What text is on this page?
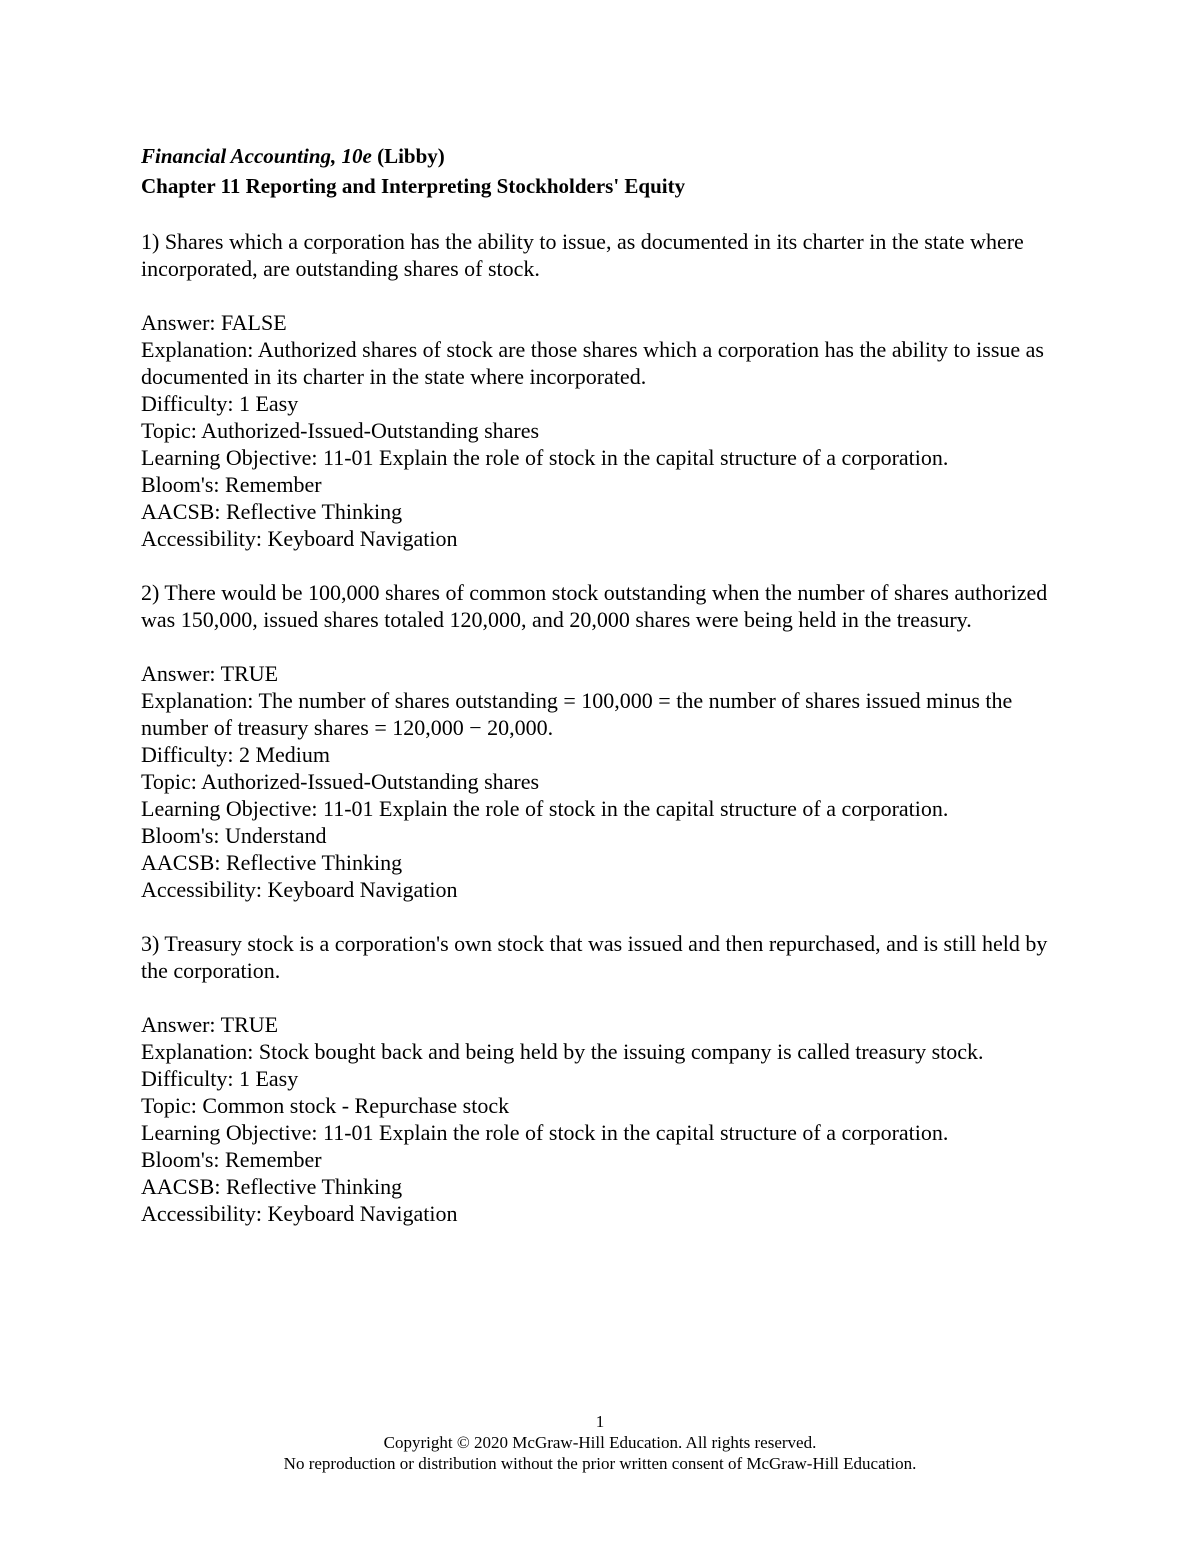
Financial Accounting, 10e (Libby)
Chapter 11 Reporting and Interpreting Stockholders' Equity
1) Shares which a corporation has the ability to issue, as documented in its charter in the state where incorporated, are outstanding shares of stock.
Answer: FALSE
Explanation: Authorized shares of stock are those shares which a corporation has the ability to issue as documented in its charter in the state where incorporated.
Difficulty: 1 Easy
Topic: Authorized-Issued-Outstanding shares
Learning Objective: 11-01 Explain the role of stock in the capital structure of a corporation.
Bloom's: Remember
AACSB: Reflective Thinking
Accessibility: Keyboard Navigation
2) There would be 100,000 shares of common stock outstanding when the number of shares authorized was 150,000, issued shares totaled 120,000, and 20,000 shares were being held in the treasury.
Answer: TRUE
Explanation: The number of shares outstanding = 100,000 = the number of shares issued minus the number of treasury shares = 120,000 − 20,000.
Difficulty: 2 Medium
Topic: Authorized-Issued-Outstanding shares
Learning Objective: 11-01 Explain the role of stock in the capital structure of a corporation.
Bloom's: Understand
AACSB: Reflective Thinking
Accessibility: Keyboard Navigation
3) Treasury stock is a corporation's own stock that was issued and then repurchased, and is still held by the corporation.
Answer: TRUE
Explanation: Stock bought back and being held by the issuing company is called treasury stock.
Difficulty: 1 Easy
Topic: Common stock - Repurchase stock
Learning Objective: 11-01 Explain the role of stock in the capital structure of a corporation.
Bloom's: Remember
AACSB: Reflective Thinking
Accessibility: Keyboard Navigation
1
Copyright © 2020 McGraw-Hill Education. All rights reserved.
No reproduction or distribution without the prior written consent of McGraw-Hill Education.
